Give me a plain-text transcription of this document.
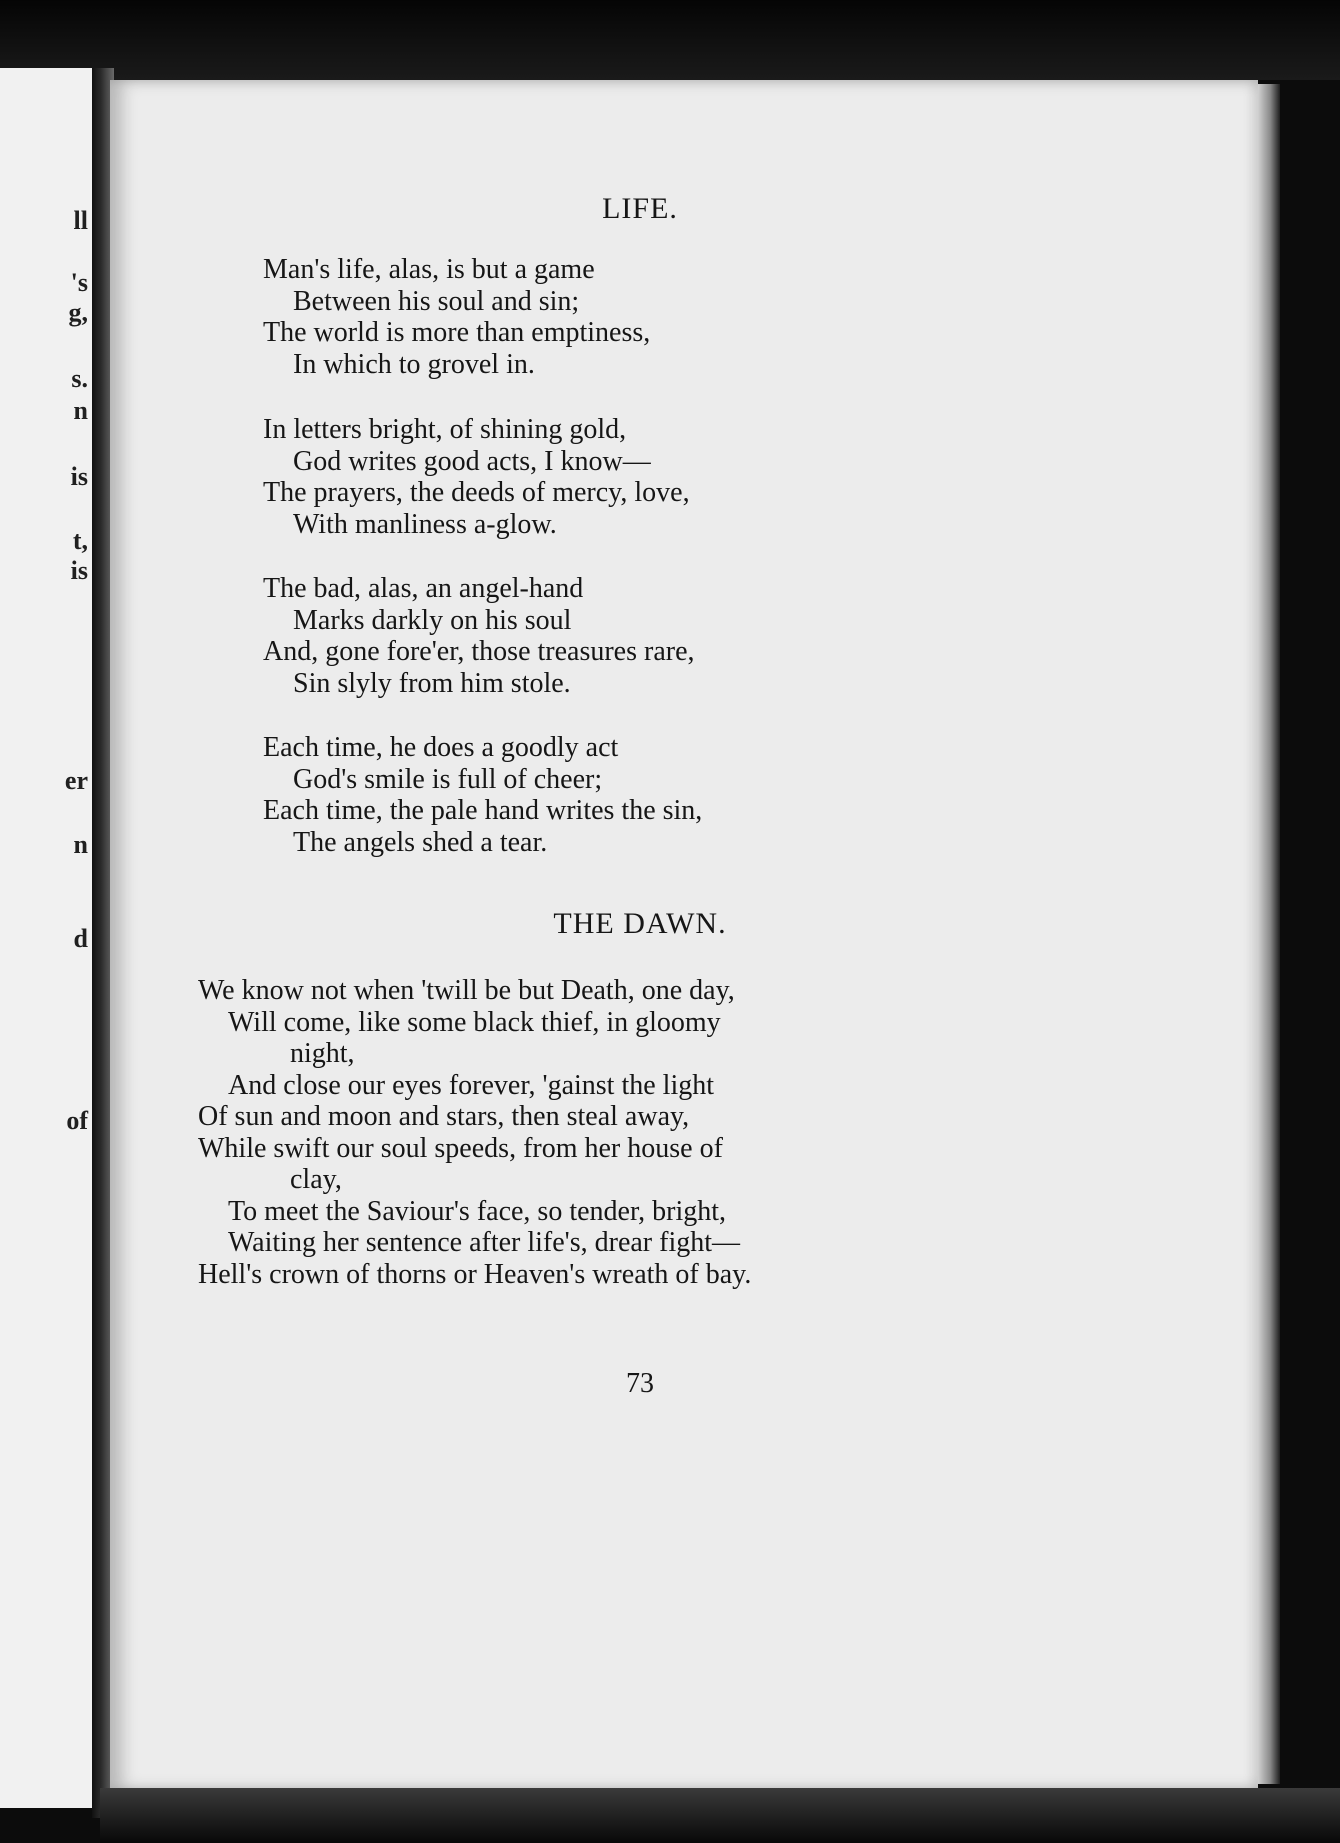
ll
's
g,
s.
n
is
t,
is
er
n
d
of
LIFE.
Man's life, alas, is but a game
Between his soul and sin;
The world is more than emptiness,
In which to grovel in.
In letters bright, of shining gold,
God writes good acts, I know—
The prayers, the deeds of mercy, love,
With manliness a-glow.
The bad, alas, an angel-hand
Marks darkly on his soul
And, gone fore'er, those treasures rare,
Sin slyly from him stole.
Each time, he does a goodly act
God's smile is full of cheer;
Each time, the pale hand writes the sin,
The angels shed a tear.
THE DAWN.
We know not when 'twill be but Death, one day,
Will come, like some black thief, in gloomy
night,
And close our eyes forever, 'gainst the light
Of sun and moon and stars, then steal away,
While swift our soul speeds, from her house of
clay,
To meet the Saviour's face, so tender, bright,
Waiting her sentence after life's, drear fight—
Hell's crown of thorns or Heaven's wreath of bay.
73
